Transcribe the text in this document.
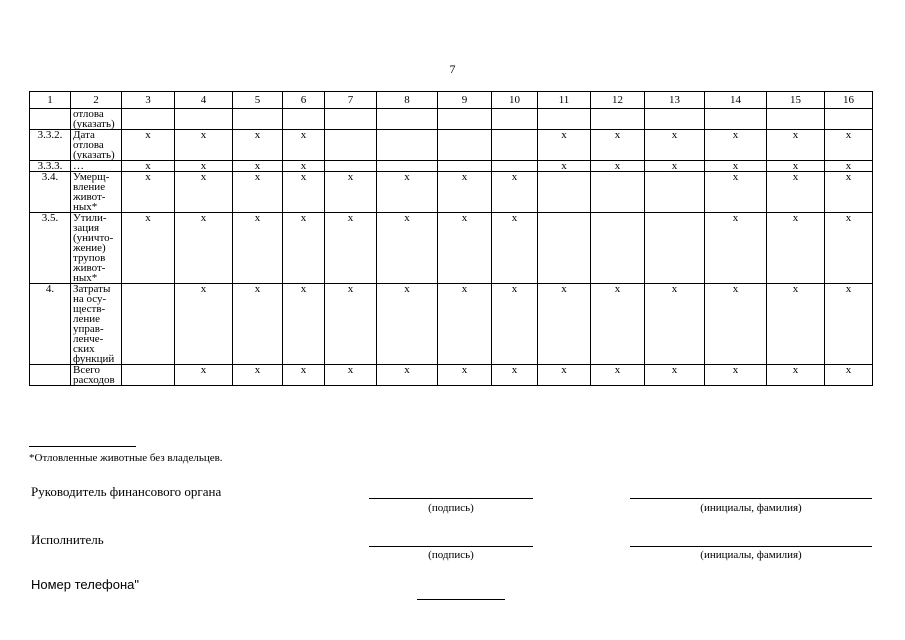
7
1	2	3	4	5	6	7	8	9	10	11	12	13	14	15	16
	отлова (указать)														
3.3.2.	Дата отлова (указать)	x	x	x	x					x	x	x	x	x	x
3.3.3.	…	x	x	x	x					x	x	x	x	x	x
3.4.	Умерщ-вление живот-ных*	x	x	x	x	x	x	x	x				x	x	x
3.5.	Утили-зация (уничто-жение) трупов живот-ных*	x	x	x	x	x	x	x	x				x	x	x
4.	Затраты на осу-ществ-ление управ-ленче-ских функций		x	x	x	x	x	x	x	x	x	x	x	x	x
	Всего расходов		x	x	x	x	x	x	x	x	x	x	x	x	x
*Отловленные животные без владельцев.
Руководитель финансового органа
(подпись)	(инициалы, фамилия)
Исполнитель
(подпись)	(инициалы, фамилия)
Номер телефона"
